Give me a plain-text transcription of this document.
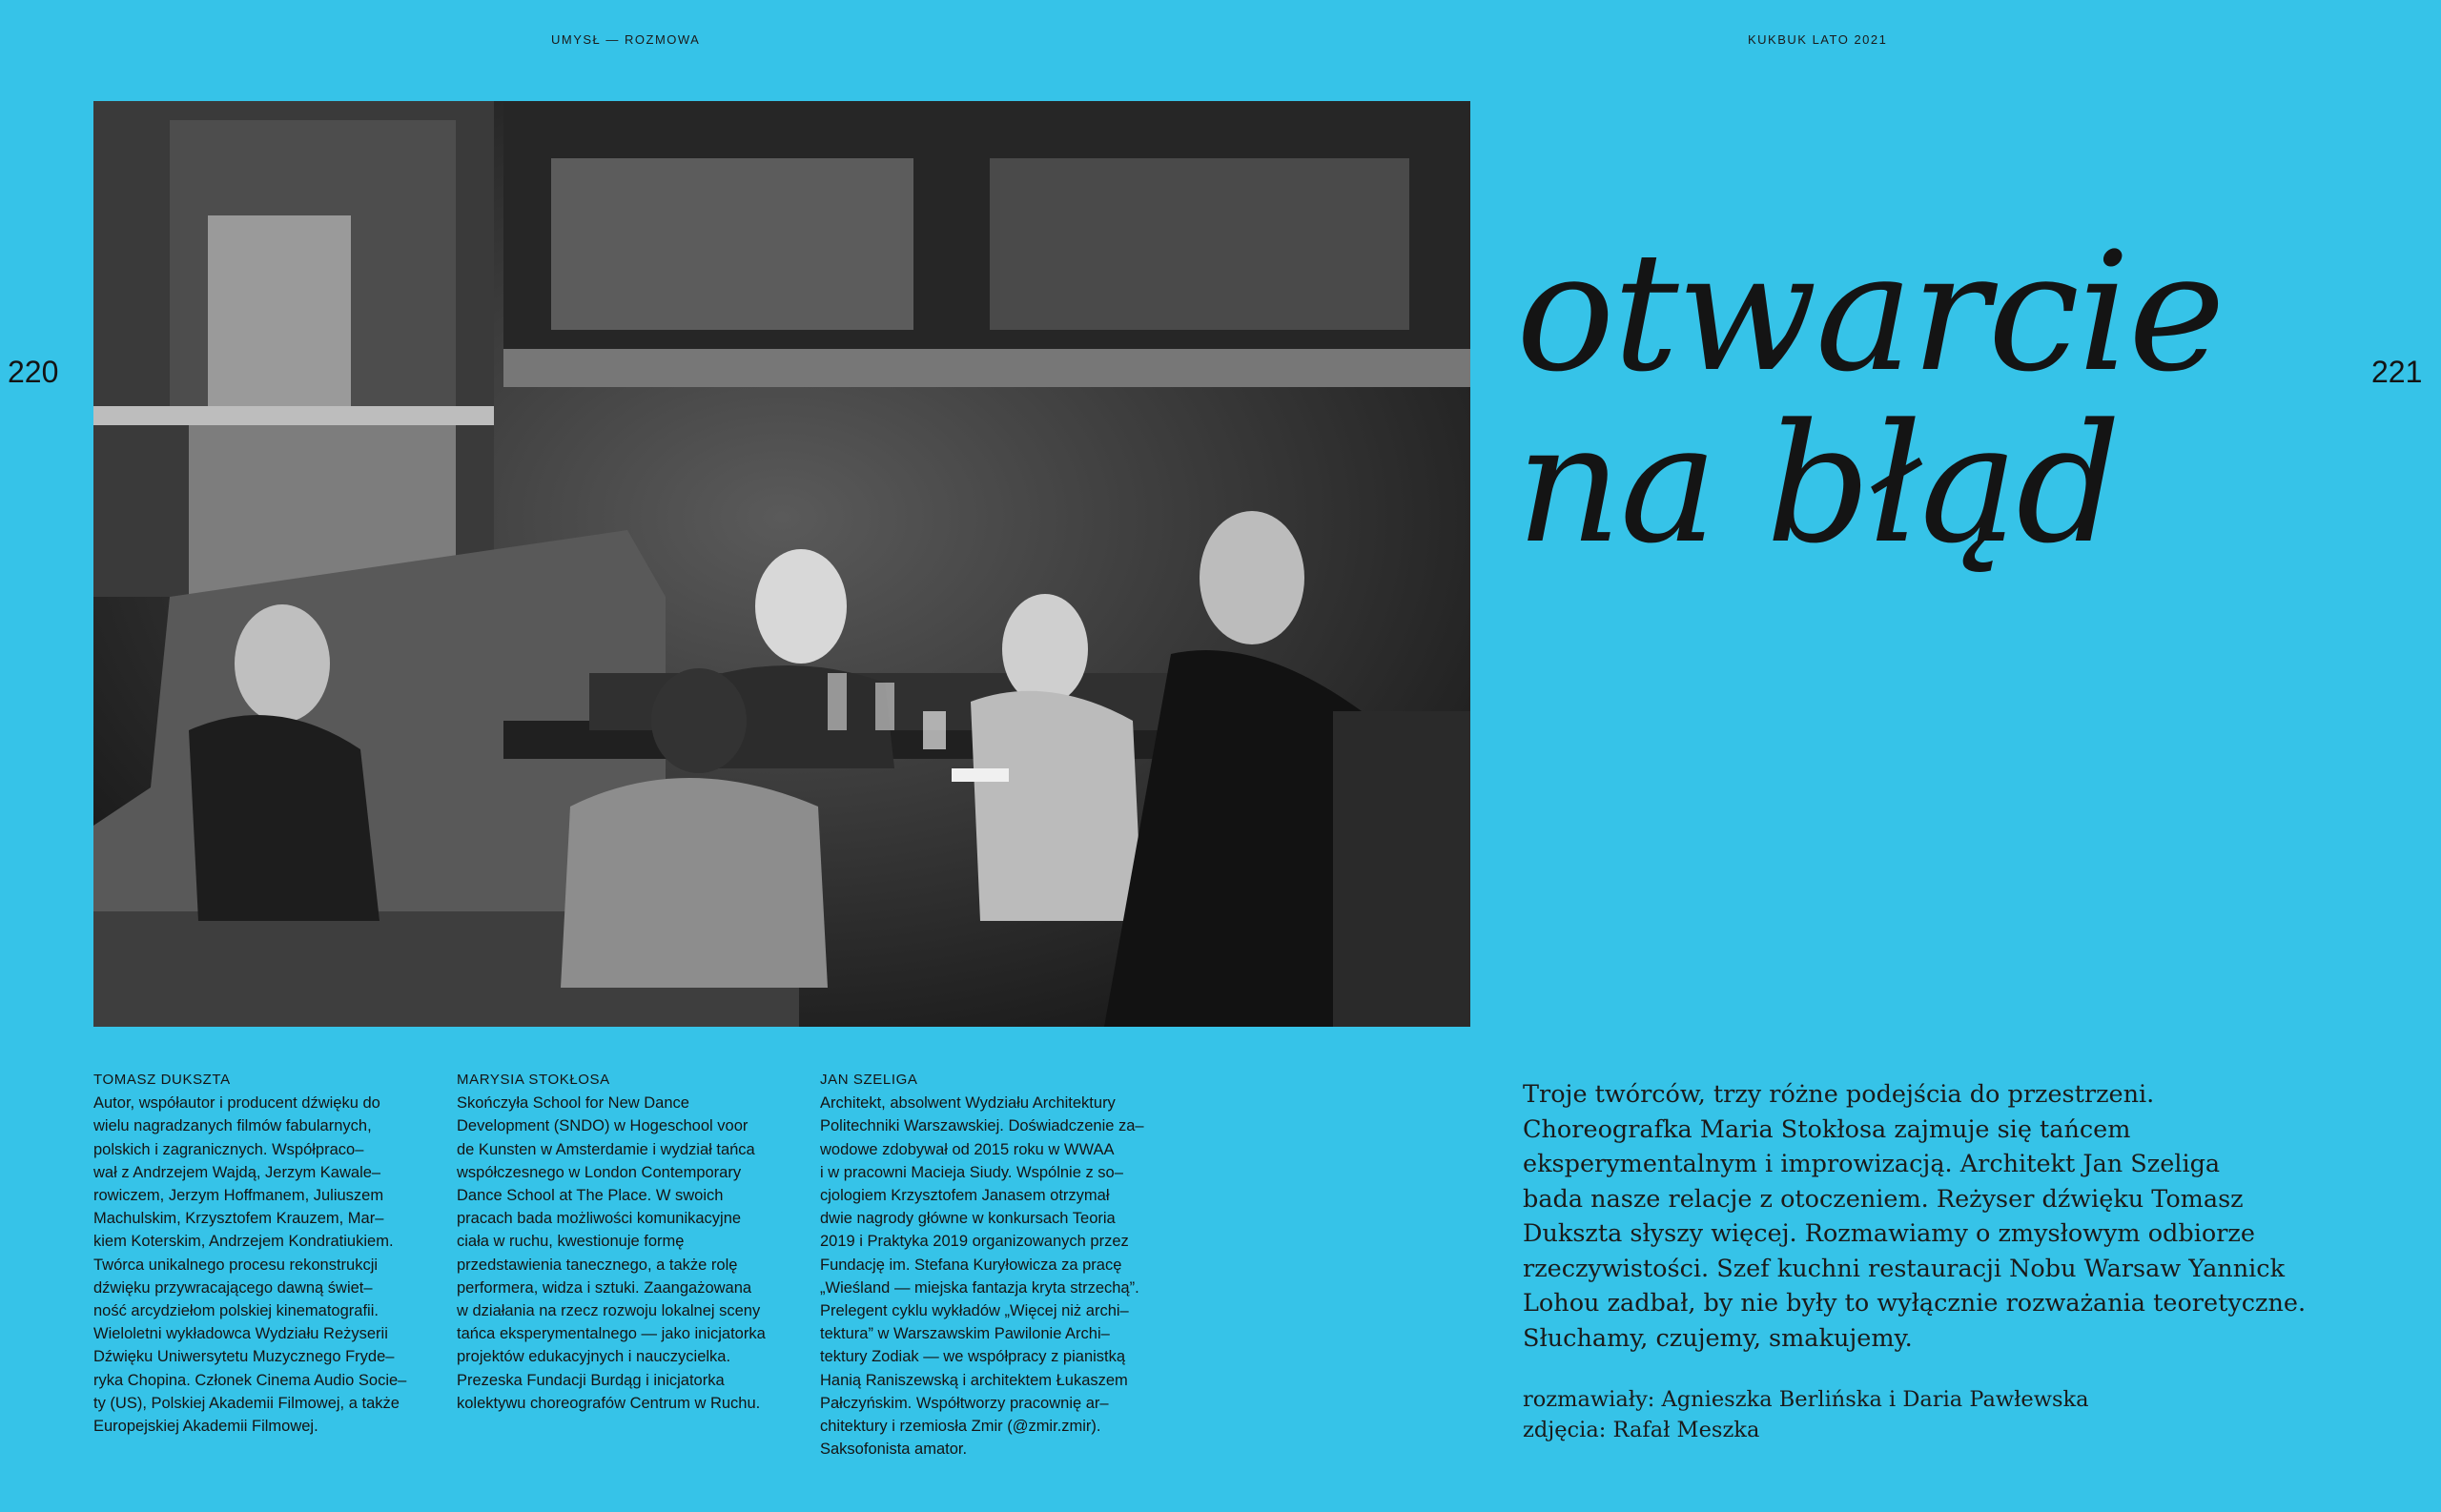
UMYSŁ — ROZMOWA	KUKBUK LATO 2021
220	221
otwarcie
na błąd
TOMASZ DUKSZTA
Autor, współautor i producent dźwięku do
wielu nagradzanych filmów fabularnych,
polskich i zagranicznych. Współpraco–
wał z Andrzejem Wajdą, Jerzym Kawale–
rowiczem, Jerzym Hoffmanem, Juliuszem
Machulskim, Krzysztofem Krauzem, Mar–
kiem Koterskim, Andrzejem Kondratiukiem.
Twórca unikalnego procesu rekonstrukcji
dźwięku przywracającego dawną świet–
ność arcydziełom polskiej kinematografii.
Wieloletni wykładowca Wydziału Reżyserii
Dźwięku Uniwersytetu Muzycznego Fryde–
ryka Chopina. Członek Cinema Audio Socie–
ty (US), Polskiej Akademii Filmowej, a także
Europejskiej Akademii Filmowej.
MARYSIA STOKŁOSA
Skończyła School for New Dance
Development (SNDO) w Hogeschool voor
de Kunsten w Amsterdamie i wydział tańca
współczesnego w London Contemporary
Dance School at The Place. W swoich
pracach bada możliwości komunikacyjne
ciała w ruchu, kwestionuje formę
przedstawienia tanecznego, a także rolę
performera, widza i sztuki. Zaangażowana
w działania na rzecz rozwoju lokalnej sceny
tańca eksperymentalnego — jako inicjatorka
projektów edukacyjnych i nauczycielka.
Prezeska Fundacji Burdąg i inicjatorka
kolektywu choreografów Centrum w Ruchu.
JAN SZELIGA
Architekt, absolwent Wydziału Architektury
Politechniki Warszawskiej. Doświadczenie za–
wodowe zdobywał od 2015 roku w WWAA
i w pracowni Macieja Siudy. Wspólnie z so–
cjologiem Krzysztofem Janasem otrzymał
dwie nagrody główne w konkursach Teoria
2019 i Praktyka 2019 organizowanych przez
Fundację im. Stefana Kuryłowicza za pracę
„Wieśland — miejska fantazja kryta strzechą”.
Prelegent cyklu wykładów „Więcej niż archi–
tektura” w Warszawskim Pawilonie Archi–
tektury Zodiak — we współpracy z pianistką
Hanią Raniszewską i architektem Łukaszem
Pałczyńskim. Współtworzy pracownię ar–
chitektury i rzemiosła Zmir (@zmir.zmir).
Saksofonista amator.
Troje twórców, trzy różne podejścia do przestrzeni.
Choreografka Maria Stokłosa zajmuje się tańcem
eksperymentalnym i improwizacją. Architekt Jan Szeliga
bada nasze relacje z otoczeniem. Reżyser dźwięku Tomasz
Dukszta słyszy więcej. Rozmawiamy o zmysłowym odbiorze
rzeczywistości. Szef kuchni restauracji Nobu Warsaw Yannick
Lohou zadbał, by nie były to wyłącznie rozważania teoretyczne.
Słuchamy, czujemy, smakujemy.
rozmawiały: Agnieszka Berlińska i Daria Pawłewska
zdjęcia: Rafał Meszka
